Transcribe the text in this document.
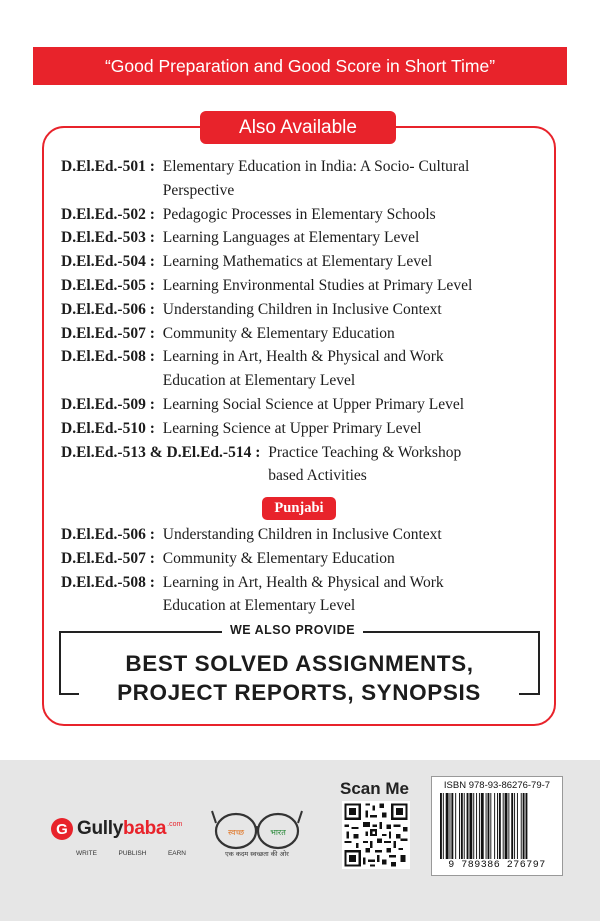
“Good Preparation and Good Score in Short Time”
Also Available
D.El.Ed.-501 : Elementary Education in India: A Socio- Cultural
Perspective
D.El.Ed.-502 : Pedagogic Processes in Elementary Schools
D.El.Ed.-503 : Learning Languages at Elementary Level
D.El.Ed.-504 : Learning Mathematics at Elementary Level
D.El.Ed.-505 : Learning Environmental Studies at Primary Level
D.El.Ed.-506 : Understanding Children in Inclusive Context
D.El.Ed.-507 : Community & Elementary Education
D.El.Ed.-508 : Learning in Art, Health & Physical and Work
Education at Elementary Level
D.El.Ed.-509 : Learning Social Science at Upper Primary Level
D.El.Ed.-510 : Learning Science at Upper Primary Level
D.El.Ed.-513 & D.El.Ed.-514 : Practice Teaching & Workshop
based Activities
Punjabi
D.El.Ed.-506 : Understanding Children in Inclusive Context
D.El.Ed.-507 : Community & Elementary Education
D.El.Ed.-508 : Learning in Art, Health & Physical and Work
Education at Elementary Level
WE ALSO PROVIDE
BEST SOLVED ASSIGNMENTS,
PROJECT REPORTS, SYNOPSIS
G Gullybaba .com
WRITE	PUBLISH	EARN
स्वच्छ	भारत
एक कदम स्वच्छता की ओर
Scan Me	ISBN 978-93-86276-79-7
9 789386 276797
